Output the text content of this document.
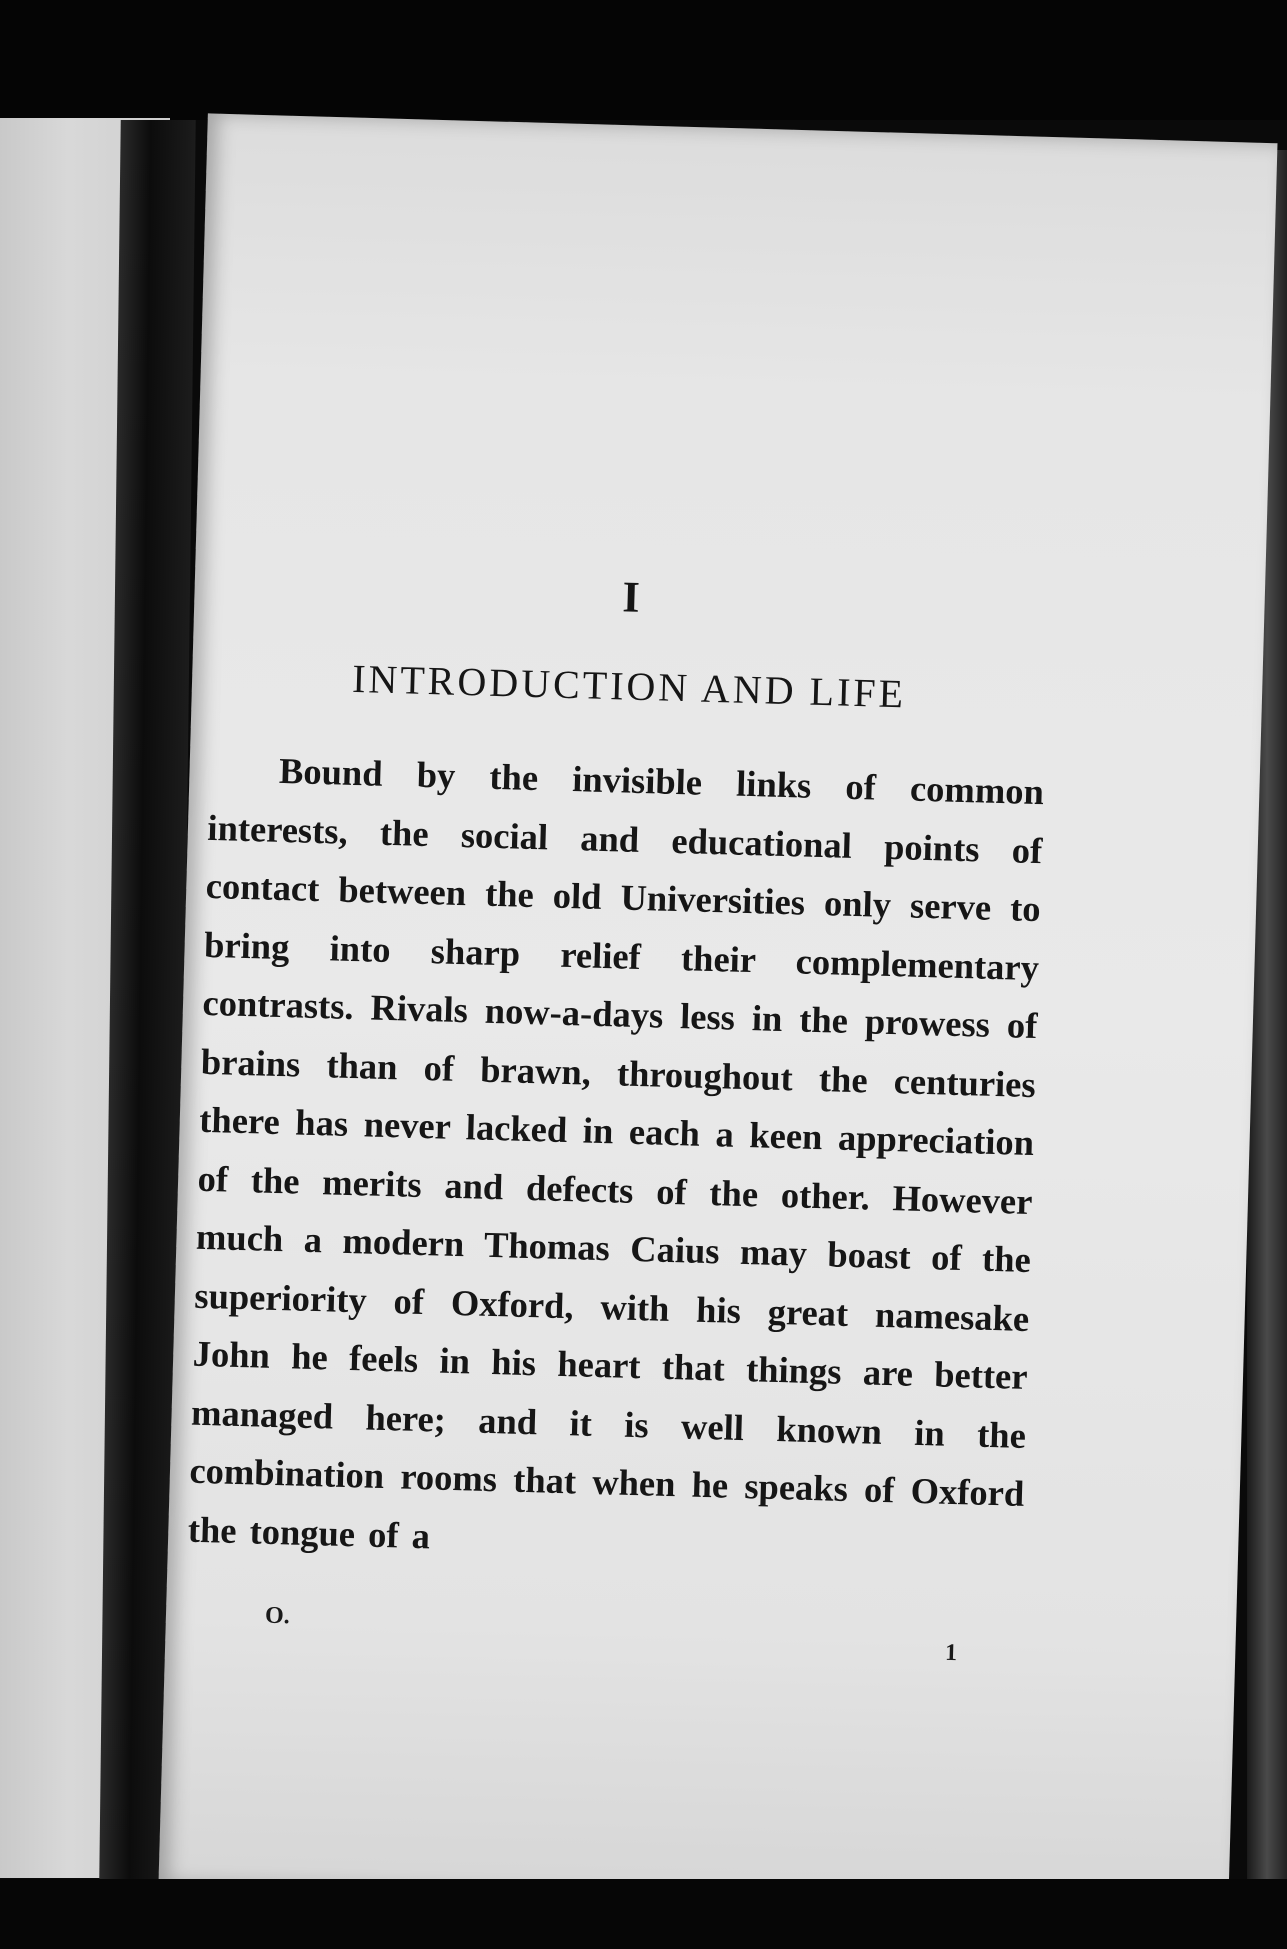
I
INTRODUCTION AND LIFE

Bound by the invisible links of common interests, the social and educational points of contact between the old Universities only serve to bring into sharp relief their complementary contrasts. Rivals now-a-days less in the prowess of brains than of brawn, throughout the centuries there has never lacked in each a keen appreciation of the merits and defects of the other. However much a modern Thomas Caius may boast of the superiority of Oxford, with his great namesake John he feels in his heart that things are better managed here; and it is well known in the combination rooms that when he speaks of Oxford the tongue of a

O.
1
